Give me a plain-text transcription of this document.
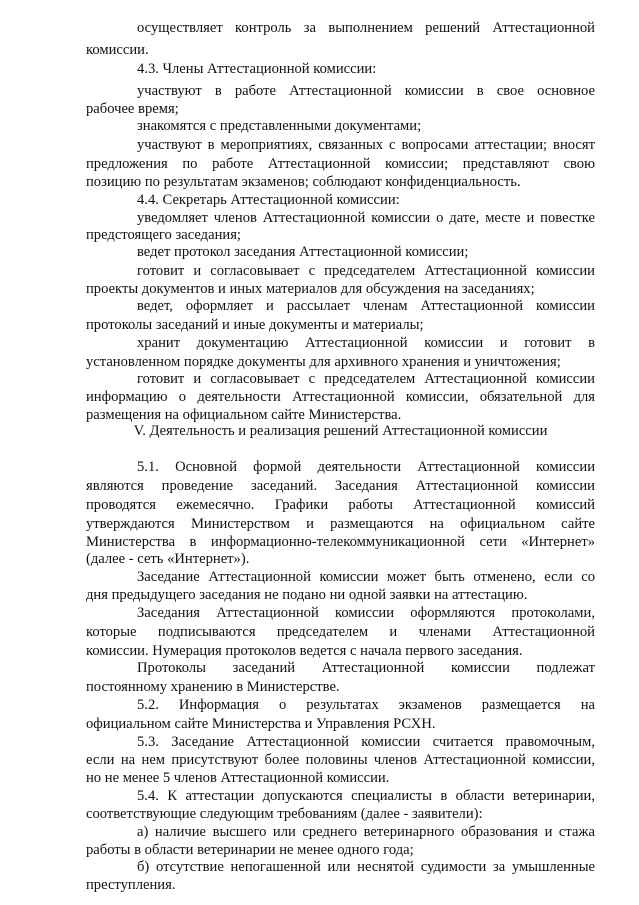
осуществляет контроль за выполнением решений Аттестационной
комиссии.
4.3. Члены Аттестационной комиссии:
участвуют в работе Аттестационной комиссии в свое основное
рабочее время;
знакомятся с представленными документами;
участвуют в мероприятиях, связанных с вопросами аттестации; вносят
предложения по работе Аттестационной комиссии; представляют свою
позицию по результатам экзаменов; соблюдают конфиденциальность.
4.4. Секретарь Аттестационной комиссии:
уведомляет членов Аттестационной комиссии о дате, месте и повестке
предстоящего заседания;
ведет протокол заседания Аттестационной комиссии;
готовит и согласовывает с председателем Аттестационной комиссии
проекты документов и иных материалов для обсуждения на заседаниях;
ведет, оформляет и рассылает членам Аттестационной комиссии
протоколы заседаний и иные документы и материалы;
хранит документацию Аттестационной комиссии и готовит в
установленном порядке документы для архивного хранения и уничтожения;
готовит и согласовывает с председателем Аттестационной комиссии
информацию о деятельности Аттестационной комиссии, обязательной для
размещения на официальном сайте Министерства.
V. Деятельность и реализация решений Аттестационной комиссии
5.1. Основной формой деятельности Аттестационной комиссии
являются проведение заседаний. Заседания Аттестационной комиссии
проводятся ежемесячно. Графики работы Аттестационной комиссий
утверждаются Министерством и размещаются на официальном сайте
Министерства в информационно-телекоммуникационной сети «Интернет»
(далее - сеть «Интернет»).
Заседание Аттестационной комиссии может быть отменено, если со
дня предыдущего заседания не подано ни одной заявки на аттестацию.
Заседания Аттестационной комиссии оформляются протоколами,
которые подписываются председателем и членами Аттестационной
комиссии. Нумерация протоколов ведется с начала первого заседания.
Протоколы заседаний Аттестационной комиссии подлежат
постоянному хранению в Министерстве.
5.2. Информация о результатах экзаменов размещается на
официальном сайте Министерства и Управления РСХН.
5.3. Заседание Аттестационной комиссии считается правомочным,
если на нем присутствуют более половины членов Аттестационной комиссии,
но не менее 5 членов Аттестационной комиссии.
5.4. К аттестации допускаются специалисты в области ветеринарии,
соответствующие следующим требованиям (далее - заявители):
а) наличие высшего или среднего ветеринарного образования и стажа
работы в области ветеринарии не менее одного года;
б) отсутствие непогашенной или неснятой судимости за умышленные
преступления.
